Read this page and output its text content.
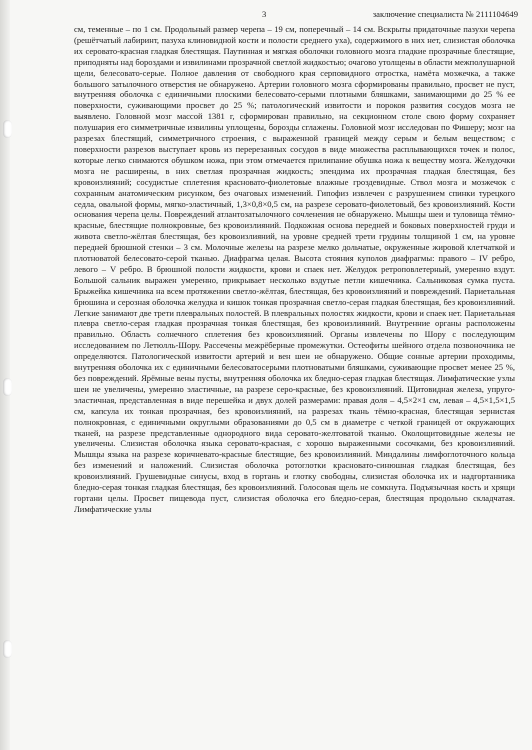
3	заключение специалиста № 2111104649
см, теменные – по 1 см. Продольный размер черепа – 19 см, поперечный – 14 см. Вскрыты придаточные пазухи черепа (решётчатый лабиринт, пазуха клиновидной кости и полости среднего уха), содержимого в них нет, слизистая оболочка их серовато-красная гладкая блестящая. Паутинная и мягкая оболочки головного мозга гладкие прозрачные блестящие, приподняты над бороздами и извилинами прозрачной светлой жидкостью; очагово утолщены в области межполушарной щели, белесовато-серые. Полное давления от свободного края серповидного отростка, намёта мозжечка, а также большого затылочного отверстия не обнаружено. Артерии головного мозга сформированы правильно, просвет не пуст, внутренняя оболочка с единичными плоскими белесовато-серыми плотными бляшками, занимающими до 25 % ее поверхности, суживающими просвет до 25 %; патологический извитости и порокоя развития сосудов мозга не выявлено. Головной мозг массой 1381 г, сформирован правильно, на секционном столе свою форму сохраняет полушария его симметричные извилины уплощены, борозды сглажены. Головной мозг исследован по Фишеру; мозг на разрезах блестящий, симметричного строения, с выраженной границей между серым и белым веществом; с поверхности разрезов выступает кровь из перерезанных сосудов в виде множества расплывающихся точек и полос, которые легко снимаются обушком ножа, при этом отмечается прилипание обушка ножа к веществу мозга. Желудочки мозга не расширены, в них светлая прозрачная жидкость; эпендима их прозрачная гладкая блестящая, без кровоизлияний; сосудистые сплетения красновато-фиолетовые влажные гроздевидные. Ствол мозга и мозжечок с сохранным анатомическим рисунком, без очаговых изменений. Гипофиз извлечен с разрушением спинки турецкого седла, овальной формы, мягко-эластичный, 1,3×0,8×0,5 см, на разрезе серовато-фиолетовый, без кровоизлияний. Кости основания черепа целы. Повреждений атлантозатылочного сочленения не обнаружено. Мышцы шеи и туловища тёмно-красные, блестящие полнокровные, без кровоизлияний. Подкожная основа передней и боковых поверхностей груди и живота светло-жёлтая блестящая, без кровоизлияний, на уровне средней трети грудины толщиной 1 см, на уровне передней брюшной стенки – 3 см. Молочные железы на разрезе мелко дольчатые, окруженные жировой клетчаткой и плотноватой белесовато-серой тканью. Диафрагма целая. Высота стояния куполов диафрагмы: правого – IV ребро, левого – V ребро. В брюшной полости жидкости, крови и спаек нет. Желудок ретроповлетерный, умеренно вздут. Большой сальник выражен умеренно, прикрывает несколько вздутые петли кишечника. Сальниковая сумка пуста. Брыжейка кишечника на всем протяжении светло-жёлтая, блестящая, без кровоизлияний и повреждений. Париетальная брюшина и серозная оболочка желудка и кишок тонкая прозрачная светло-серая гладкая блестящая, без кровоизлияний. Легкие занимают две трети плевральных полостей. В плевральных полостях жидкости, крови и спаек нет. Париетальная плевра светло-серая гладкая прозрачная тонкая блестящая, без кровоизлияний. Внутренние органы расположены правильно. Область солнечного сплетения без кровоизлияний. Органы извлечены по Шору с последующим исследованием по Летюлль-Шору. Рассечены межрёберные промежутки. Остеофиты шейного отдела позвоночника не определяются. Патологической извитости артерий и вен шеи не обнаружено. Общие сонные артерии проходимы, внутренняя оболочка их с единичными белесоватосерыми плотноватыми бляшками, суживающие просвет менее 25 %, без повреждений. Ярёмные вены пусты, внутренняя оболочка их бледно-серая гладкая блестящая. Лимфатические узлы шеи не увеличены, умеренно эластичные, на разрезе серо-красные, без кровоизлияний. Щитовидная железа, упруго-эластичная, представленная в виде перешейка и двух долей размерами: правая доля – 4,5×2×1 см, левая – 4,5×1,5×1,5 см, капсула их тонкая прозрачная, без кровоизлияний, на разрезах ткань тёмно-красная, блестящая зернистая полнокровная, с единичными округлыми образованиями до 0,5 см в диаметре с четкой границей от окружающих тканей, на разрезе представленные однородного вида серовато-желтоватой тканью. Околощитовидные железы не увеличены. Слизистая оболочка языка серовато-красная, с хорошо выраженными сосочками, без кровоизлияний. Мышцы языка на разрезе коричневато-красные блестящие, без кровоизлияний. Миндалины лимфоглоточного кольца без изменений и наложений. Слизистая оболочка ротоглотки красновато-синюшная гладкая блестящая, без кровоизлияний. Грушевидные синусы, вход в гортань и глотку свободны, слизистая оболочка их и надгортанника бледно-серая тонкая гладкая блестящая, без кровоизлияний. Голосовая щель не сомкнута. Подъязычная кость и хрящи гортани целы. Просвет пищевода пуст, слизистая оболочка его бледно-серая, блестящая продольно складчатая. Лимфатические узлы
